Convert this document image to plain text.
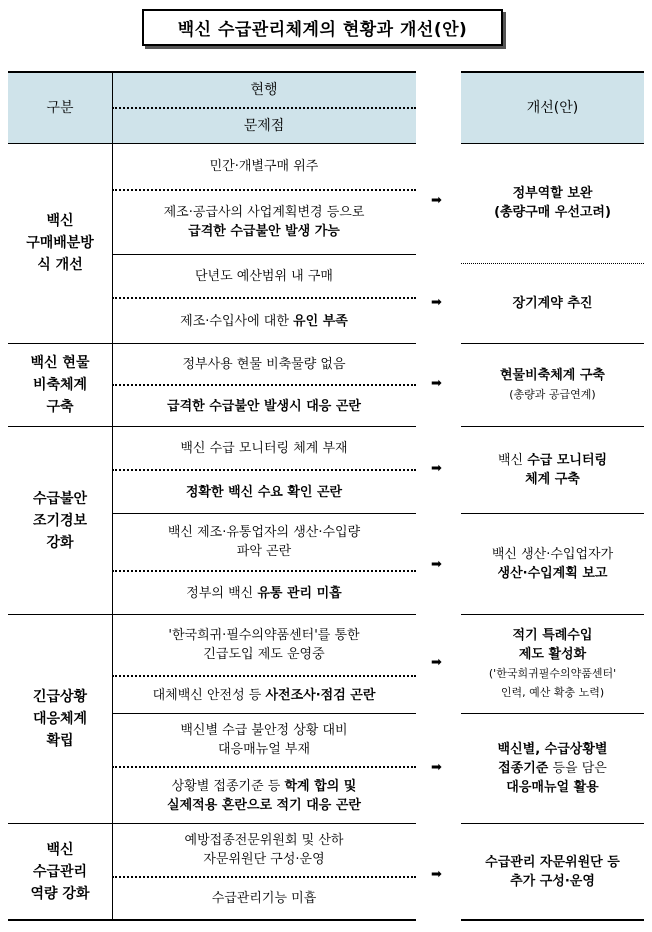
백신 수급관리체계의 현황과 개선(안)
구분
현행
문제점
백신
구매배분방
식 개선
민간·개별구매 위주
제조·공급사의 사업계획변경 등으로
급격한 수급불안 발생 가능
단년도 예산범위 내 구매
제조·수입사에 대한 유인 부족
백신 현물
비축체계
구축
정부사용 현물 비축물량 없음
급격한 수급불안 발생시 대응 곤란
수급불안
조기경보
강화
백신 수급 모니터링 체계 부재
정확한 백신 수요 확인 곤란
백신 제조·유통업자의 생산·수입량
파악 곤란
정부의 백신 유통 관리 미흡
긴급상황
대응체계
확립
'한국희귀·필수의약품센터'를 통한
긴급도입 제도 운영중
대체백신 안전성 등 사전조사·점검 곤란
백신별 수급 불안정 상황 대비
대응매뉴얼 부재
상황별 접종기준 등 학계 합의 및
실제적용 혼란으로 적기 대응 곤란
백신
수급관리
역량 강화
예방접종전문위원회 및 산하
자문위원단 구성·운영
수급관리기능 미흡
➡
➡
➡
➡
➡
➡
➡
➡
개선(안)
정부역할 보완
(총량구매 우선고려)
장기계약 추진
현물비축체계 구축
(총량과 공급연계)
백신 수급 모니터링
체계 구축
백신 생산·수입업자가
생산·수입계획 보고
적기 특례수입
제도 활성화
('한국희귀필수의약품센터'
인력, 예산 확충 노력)
백신별, 수급상황별
접종기준 등을 담은
대응매뉴얼 활용
수급관리 자문위원단 등
추가 구성·운영
